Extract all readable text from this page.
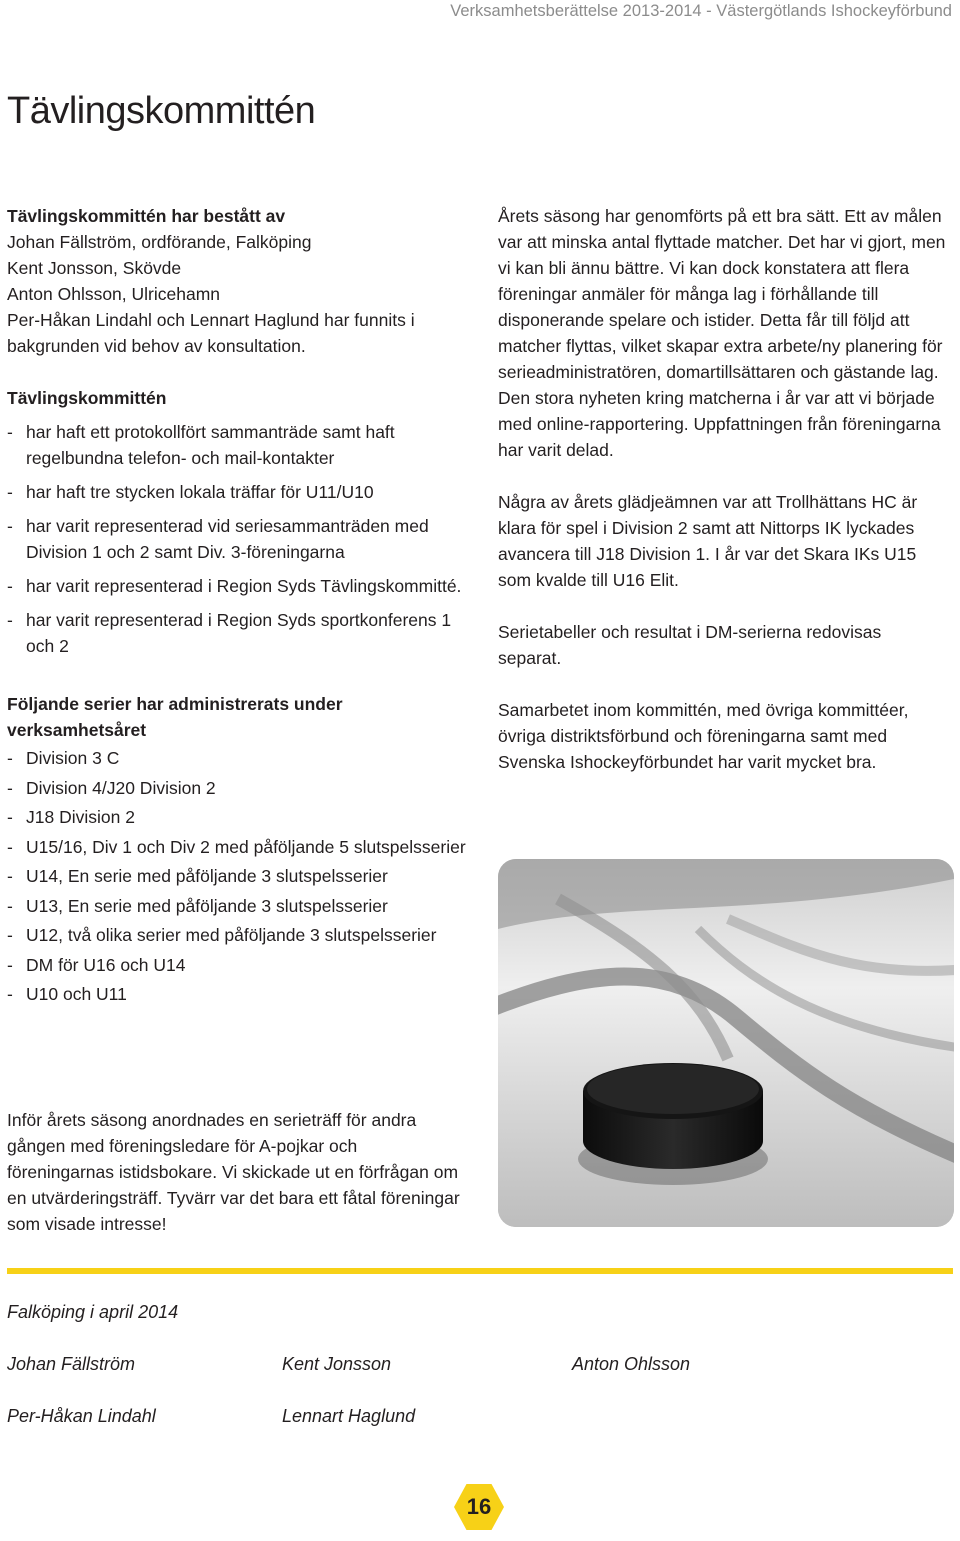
Verksamhetsberättelse 2013-2014 - Västergötlands Ishockeyförbund
Tävlingskommittén

Tävlingskommittén har bestått av

Johan Fällström, ordförande, Falköping

Kent Jonsson, Skövde

Anton Ohlsson, Ulricehamn

Per-Håkan Lindahl och Lennart Haglund har funnits i bakgrunden vid behov av konsultation.

Tävlingskommittén

- har haft ett protokollfört sammanträde samt haft regelbundna telefon- och mail-kontakter
- har haft tre stycken lokala träffar för U11/U10
- har varit representerad vid seriesammanträden med Division 1 och 2 samt Div. 3-föreningarna
- har varit representerad i Region Syds Tävlingskommitté.
- har varit representerad i Region Syds sportkonferens 1 och 2

Följande serier har administrerats under verksamhetsåret

- Division 3 C
- Division 4/J20 Division 2
- J18 Division 2
- U15/16, Div 1 och Div 2 med påföljande 5 slutspelsserier
- U14, En serie med påföljande 3 slutspelsserier
- U13, En serie med påföljande 3 slutspelsserier
- U12, två olika serier med påföljande 3 slutspelsserier
- DM för U16 och U14
- U10 och U11

Inför årets säsong anordnades en serieträff för andra gången med föreningsledare för A-pojkar och föreningarnas istidsbokare. Vi skickade ut en förfrågan om en utvärderingsträff. Tyvärr var det bara ett fåtal föreningar som visade intresse!

Årets säsong har genomförts på ett bra sätt. Ett av målen var att minska antal flyttade matcher. Det har vi gjort, men vi kan bli ännu bättre. Vi kan dock konstatera att flera föreningar anmäler för många lag i förhållande till disponerande spelare och istider. Detta får till följd att matcher flyttas, vilket skapar extra arbete/ny planering för serieadministratören, domartillsättaren och gästande lag. Den stora nyheten kring matcherna i år var att vi började med online-rapportering. Uppfattningen från föreningarna har varit delad.

Några av årets glädjeämnen var att Trollhättans HC är klara för spel i Division 2 samt att Nittorps IK lyckades avancera till J18 Division 1. I år var det Skara IKs U15 som kvalde till U16 Elit.

Serietabeller och resultat i DM-serierna redovisas separat.

Samarbetet inom kommittén, med övriga kommittéer, övriga distriktsförbund och föreningarna samt med Svenska Ishockeyförbundet har varit mycket bra.

Falköping i april 2014
Johan Fällström	Kent Jonsson	Anton Ohlsson
Per-Håkan Lindahl	Lennart Haglund
16
